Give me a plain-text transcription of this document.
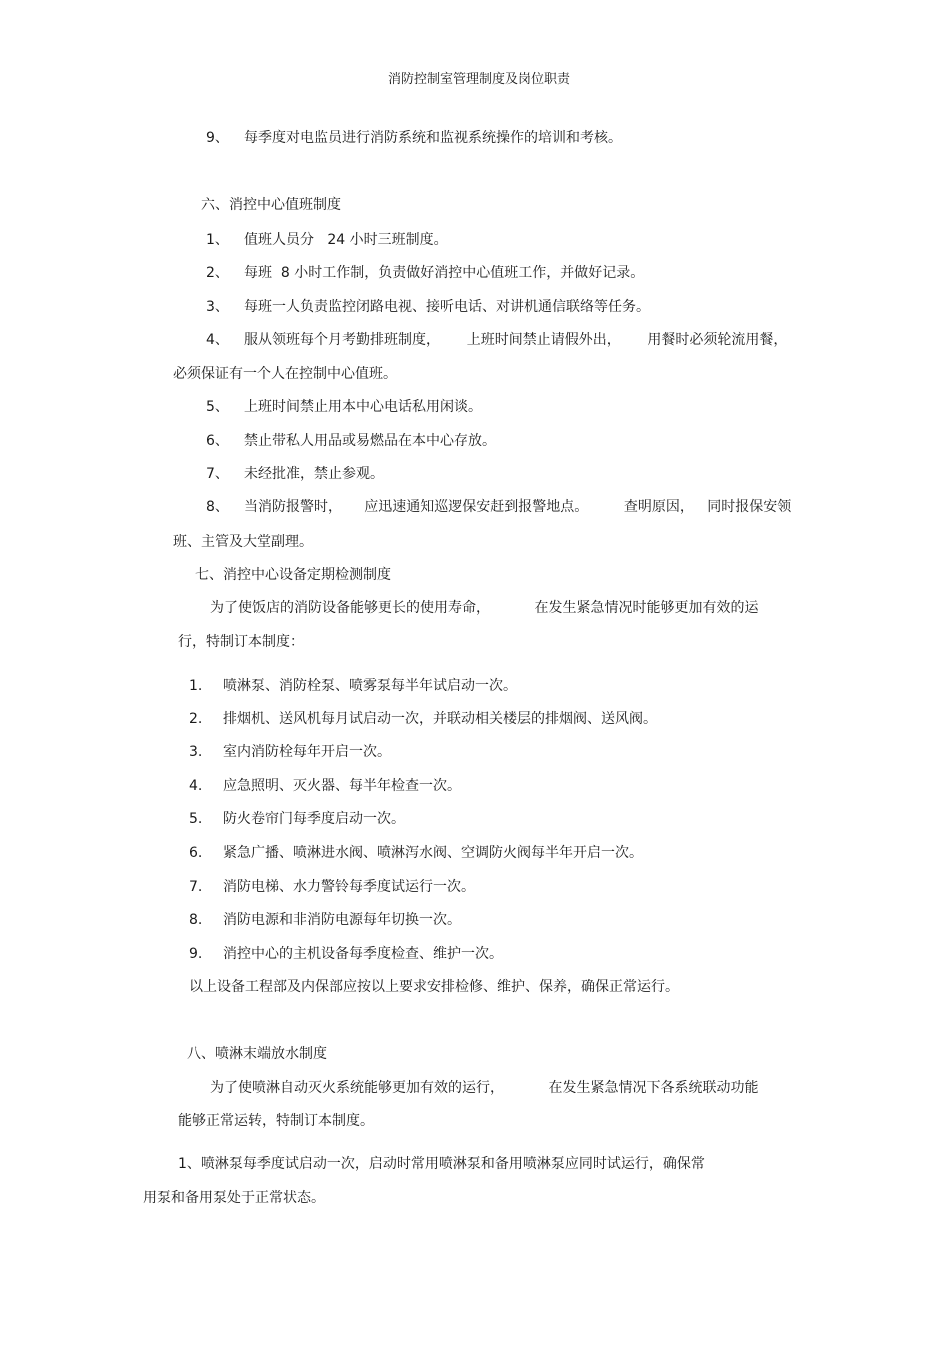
消防控制室管理制度及岗位职责
9、 每季度对电监员进行消防系统和监视系统操作的培训和考核。
六、消控中心值班制度
1、 值班人员分   24 小时三班制度。
2、 每班  8 小时工作制，负责做好消控中心值班工作，并做好记录。
3、 每班一人负责监控闭路电视、接听电话、对讲机通信联络等任务。
4、 服从领班每个月考勤排班制度，      上班时间禁止请假外出，      用餐时必须轮流用餐，
必须保证有一个人在控制中心值班。
5、 上班时间禁止用本中心电话私用闲谈。
6、 禁止带私人用品或易燃品在本中心存放。
7、 未经批准，禁止参观。
8、 当消防报警时，     应迅速通知巡逻保安赶到报警地点。        查明原因，   同时报保安领
班、主管及大堂副理。
七、消控中心设备定期检测制度
为了使饭店的消防设备能够更长的使用寿命，          在发生紧急情况时能够更加有效的运
行，特制订本制度：
1. 喷淋泵、消防栓泵、喷雾泵每半年试启动一次。
2. 排烟机、送风机每月试启动一次，并联动相关楼层的排烟阀、送风阀。
3. 室内消防栓每年开启一次。
4. 应急照明、灭火器、每半年检查一次。
5. 防火卷帘门每季度启动一次。
6. 紧急广播、喷淋进水阀、喷淋泻水阀、空调防火阀每半年开启一次。
7. 消防电梯、水力警铃每季度试运行一次。
8. 消防电源和非消防电源每年切换一次。
9. 消控中心的主机设备每季度检查、维护一次。
以上设备工程部及内保部应按以上要求安排检修、维护、保养，确保正常运行。
八、喷淋末端放水制度
为了使喷淋自动灭火系统能够更加有效的运行，          在发生紧急情况下各系统联动功能
能够正常运转，特制订本制度。
1、喷淋泵每季度试启动一次，启动时常用喷淋泵和备用喷淋泵应同时试运行，确保常
用泵和备用泵处于正常状态。
